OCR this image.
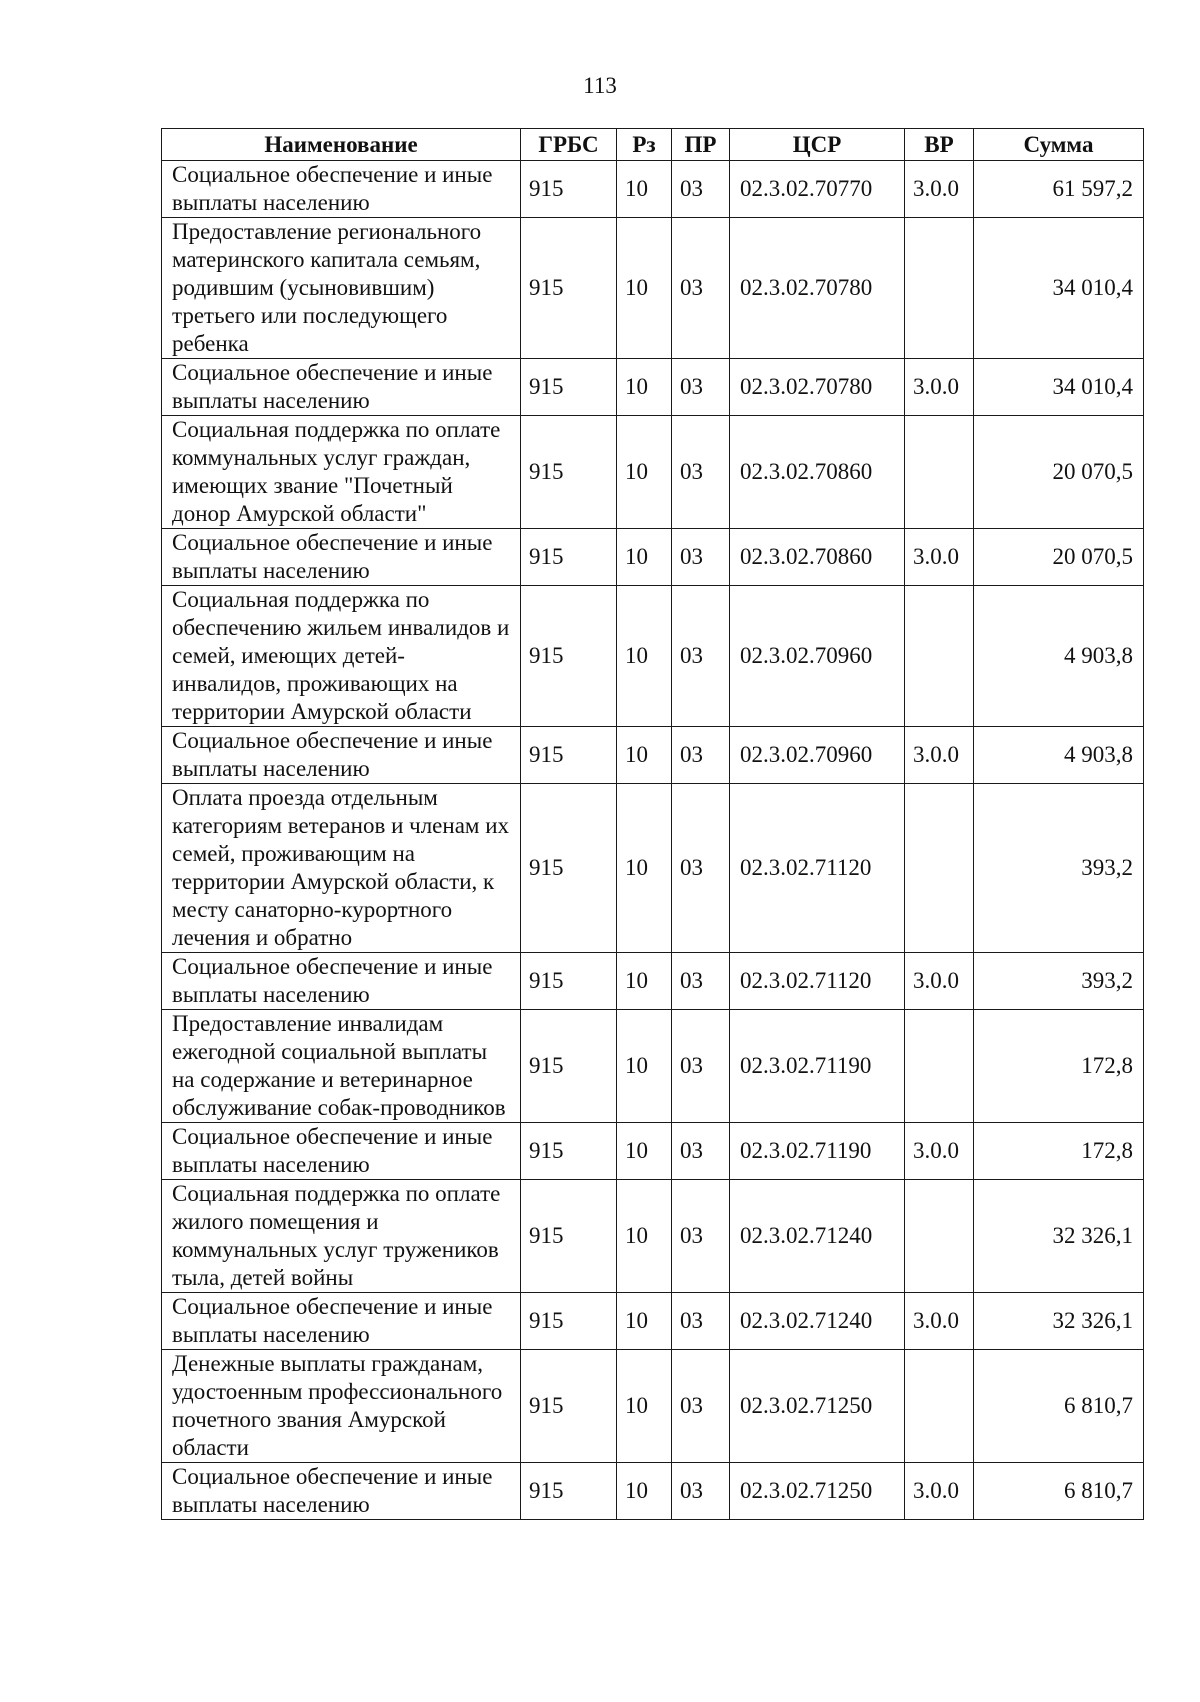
113
Наименование	ГРБС	Рз	ПР	ЦСР	ВР	Сумма
Социальное обеспечение и иные выплаты населению	915	10	03	02.3.02.70770	3.0.0	61 597,2
Предоставление регионального материнского капитала семьям, родившим (усыновившим) третьего или последующего ребенка	915	10	03	02.3.02.70780		34 010,4
Социальное обеспечение и иные выплаты населению	915	10	03	02.3.02.70780	3.0.0	34 010,4
Социальная поддержка по оплате коммунальных услуг граждан, имеющих звание "Почетный донор Амурской области"	915	10	03	02.3.02.70860		20 070,5
Социальное обеспечение и иные выплаты населению	915	10	03	02.3.02.70860	3.0.0	20 070,5
Социальная поддержка по обеспечению жильем инвалидов и семей, имеющих детей-инвалидов, проживающих на территории Амурской области	915	10	03	02.3.02.70960		4 903,8
Социальное обеспечение и иные выплаты населению	915	10	03	02.3.02.70960	3.0.0	4 903,8
Оплата проезда отдельным категориям ветеранов и членам их семей, проживающим на территории Амурской области, к месту санаторно-курортного лечения и обратно	915	10	03	02.3.02.71120		393,2
Социальное обеспечение и иные выплаты населению	915	10	03	02.3.02.71120	3.0.0	393,2
Предоставление инвалидам ежегодной социальной выплаты на содержание и ветеринарное обслуживание собак-проводников	915	10	03	02.3.02.71190		172,8
Социальное обеспечение и иные выплаты населению	915	10	03	02.3.02.71190	3.0.0	172,8
Социальная поддержка по оплате жилого помещения и коммунальных услуг тружеников тыла, детей войны	915	10	03	02.3.02.71240		32 326,1
Социальное обеспечение и иные выплаты населению	915	10	03	02.3.02.71240	3.0.0	32 326,1
Денежные выплаты гражданам, удостоенным профессионального почетного звания Амурской области	915	10	03	02.3.02.71250		6 810,7
Социальное обеспечение и иные выплаты населению	915	10	03	02.3.02.71250	3.0.0	6 810,7
